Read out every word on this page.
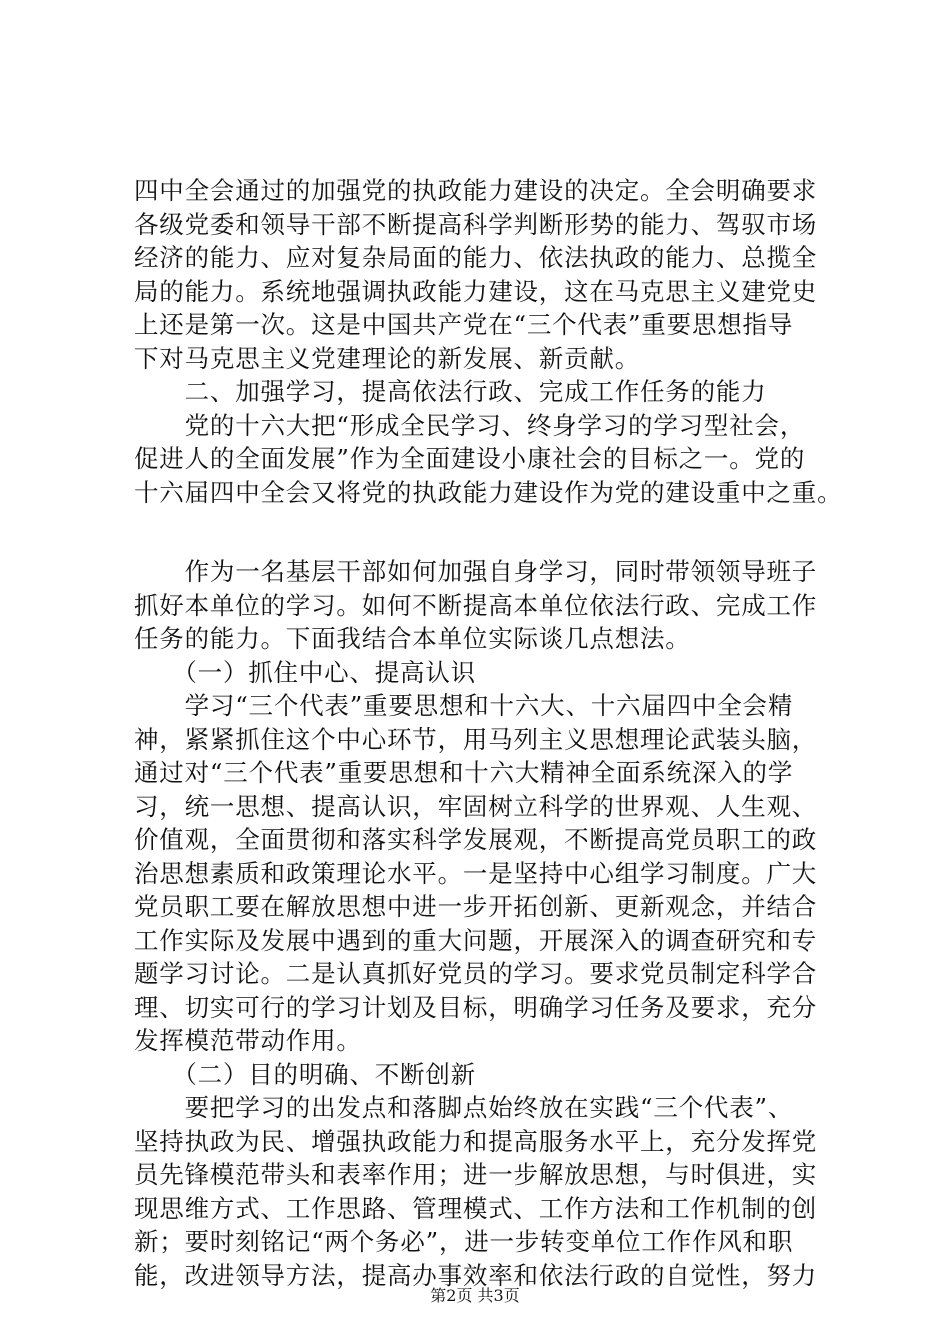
四中全会通过的加强党的执政能力建设的决定。全会明确要求
各级党委和领导干部不断提高科学判断形势的能力、驾驭市场
经济的能力、应对复杂局面的能力、依法执政的能力、总揽全
局的能力。系统地强调执政能力建设，这在马克思主义建党史
上还是第一次。这是中国共产党在“三个代表”重要思想指导
下对马克思主义党建理论的新发展、新贡献。
　　二、加强学习，提高依法行政、完成工作任务的能力
　　党的十六大把“形成全民学习、终身学习的学习型社会，
促进人的全面发展”作为全面建设小康社会的目标之一。党的
十六届四中全会又将党的执政能力建设作为党的建设重中之重。
　　作为一名基层干部如何加强自身学习，同时带领领导班子
抓好本单位的学习。如何不断提高本单位依法行政、完成工作
任务的能力。下面我结合本单位实际谈几点想法。
　　（一）抓住中心、提高认识
　　学习“三个代表”重要思想和十六大、十六届四中全会精
神，紧紧抓住这个中心环节，用马列主义思想理论武装头脑，
通过对“三个代表”重要思想和十六大精神全面系统深入的学
习，统一思想、提高认识，牢固树立科学的世界观、人生观、
价值观，全面贯彻和落实科学发展观，不断提高党员职工的政
治思想素质和政策理论水平。一是坚持中心组学习制度。广大
党员职工要在解放思想中进一步开拓创新、更新观念，并结合
工作实际及发展中遇到的重大问题，开展深入的调查研究和专
题学习讨论。二是认真抓好党员的学习。要求党员制定科学合
理、切实可行的学习计划及目标，明确学习任务及要求，充分
发挥模范带动作用。
　　（二）目的明确、不断创新
　　要把学习的出发点和落脚点始终放在实践“三个代表”、
坚持执政为民、增强执政能力和提高服务水平上，充分发挥党
员先锋模范带头和表率作用；进一步解放思想，与时俱进，实
现思维方式、工作思路、管理模式、工作方法和工作机制的创
新；要时刻铭记“两个务必”，进一步转变单位工作作风和职
能，改进领导方法，提高办事效率和依法行政的自觉性，努力
第2页 共3页
